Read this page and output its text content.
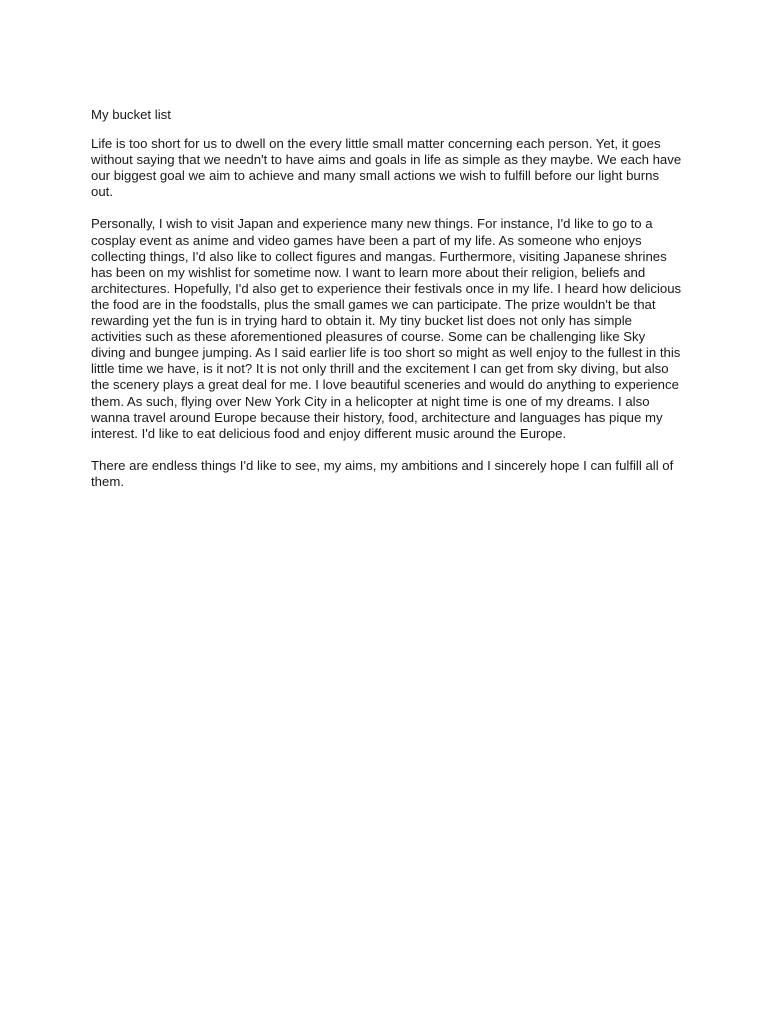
My bucket list

Life is too short for us to dwell on the every little small matter concerning each person. Yet, it goes without saying that we needn't to have aims and goals in life as simple as they maybe. We each have our biggest goal we aim to achieve and many small actions we wish to fulfill before our light burns out.

Personally, I wish to visit Japan and experience many new things. For instance, I'd like to go to a cosplay event as anime and video games have been a part of my life. As someone who enjoys collecting things, I'd also like to collect figures and mangas. Furthermore, visiting Japanese shrines has been on my wishlist for sometime now. I want to learn more about their religion, beliefs and architectures. Hopefully, I'd also get to experience their festivals once in my life. I heard how delicious the food are in the foodstalls, plus the small games we can participate. The prize wouldn't be that rewarding yet the fun is in trying hard to obtain it. My tiny bucket list does not only has simple activities such as these aforementioned pleasures of course. Some can be challenging like Sky diving and bungee jumping. As I said earlier life is too short so might as well enjoy to the fullest in this little time we have, is it not? It is not only thrill and the excitement I can get from sky diving, but also the scenery plays a great deal for me. I love beautiful sceneries and would do anything to experience them. As such, flying over New York City in a helicopter at night time is one of my dreams. I also wanna travel around Europe because their history, food, architecture and languages has pique my interest. I'd like to eat delicious food and enjoy different music around the Europe.

There are endless things I'd like to see, my aims, my ambitions and I sincerely hope I can fulfill all of them.
